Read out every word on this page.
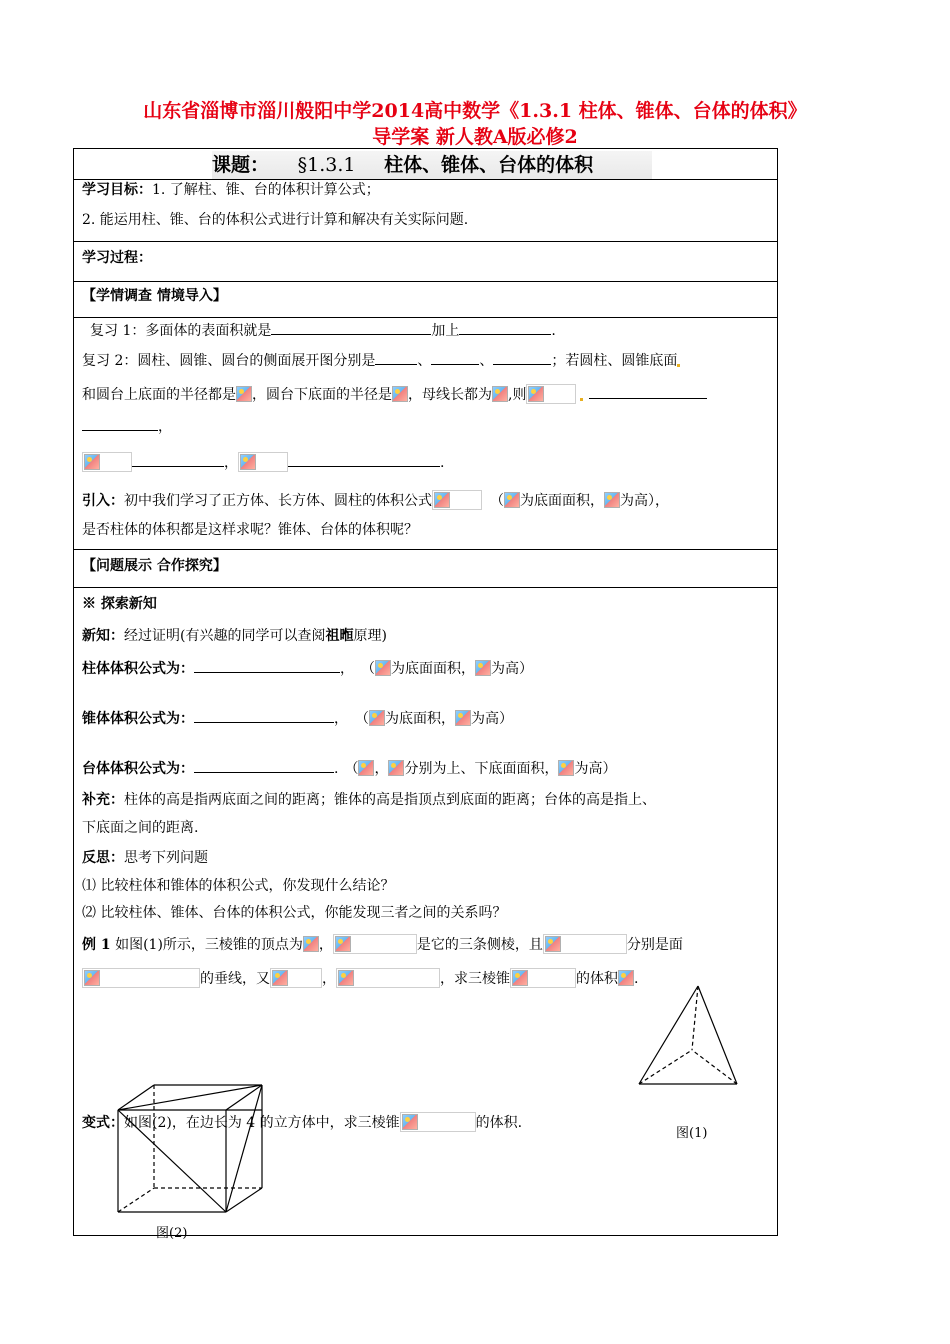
山东省淄博市淄川般阳中学2014高中数学《1.3.1 柱体、锥体、台体的体积》
导学案 新人教A版必修2
课题： §1.3.1 柱体、锥体、台体的体积
学习目标：1. 了解柱、锥、台的体积计算公式；
2. 能运用柱、锥、台的体积公式进行计算和解决有关实际问题.
学习过程：
【学情调查 情境导入】
复习 1：多面体的表面积就是	加上	.
复习 2：圆柱、圆锥、圆台的侧面展开图分别是	、	、	；若圆柱、圆锥底面
和圆台上底面的半径都是 ，圆台下底面的半径是 ，母线长都为 ,则
，
，	.
引入：初中我们学习了正方体、长方体、圆柱的体积公式	（ 为底面面积， 为高），
是否柱体的体积都是这样求呢？锥体、台体的体积呢？
【问题展示 合作探究】
※ 探索新知
新知：经过证明(有兴趣的同学可以查阅祖暅原理)
柱体体积公式为：	， （ 为底面面积， 为高）
锥体体积公式为：	， （ 为底面积， 为高）
台体体积公式为：	. （ ， 分别为上、下底面面积， 为高）
补充：柱体的高是指两底面之间的距离；锥体的高是指顶点到底面的距离；台体的高是指上、
下底面之间的距离.
反思：思考下列问题
⑴ 比较柱体和锥体的体积公式，你发现什么结论？
⑵ 比较柱体、锥体、台体的体积公式，你能发现三者之间的关系吗？
例 1 如图(1)所示，三棱锥的顶点为 ，	是它的三条侧棱，且	分别是面
的垂线，又	，	，求三棱锥	的体积 .
图(1)
变式：如图(2)，在边长为 4 的立方体中，求三棱锥	的体积.
图(2)
